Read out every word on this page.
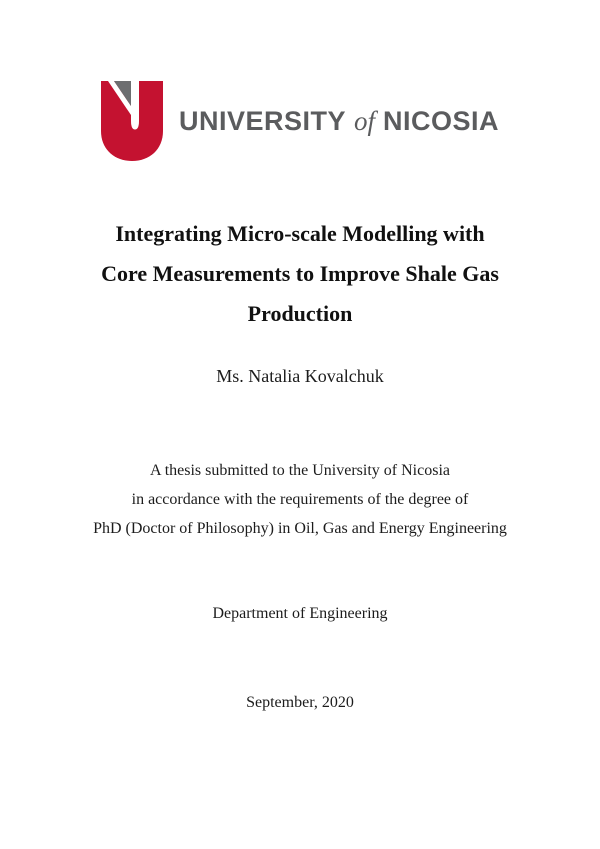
UNIVERSITY of NICOSIA
Integrating Micro-scale Modelling with
Core Measurements to Improve Shale Gas
Production
Ms. Natalia Kovalchuk
A thesis submitted to the University of Nicosia
in accordance with the requirements of the degree of
PhD (Doctor of Philosophy) in Oil, Gas and Energy Engineering
Department of Engineering
September, 2020
